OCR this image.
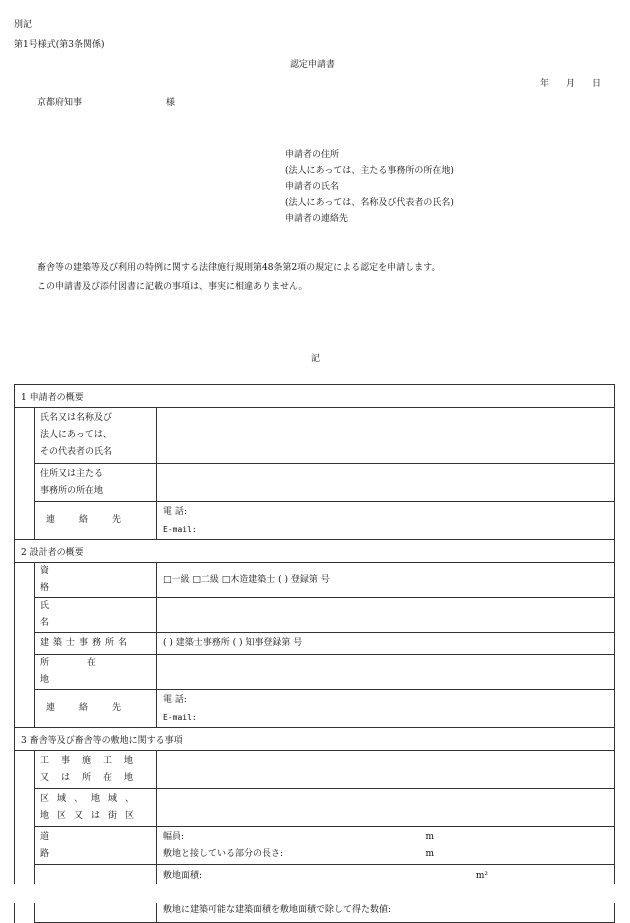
別記
第1号様式(第3条関係)
認定申請書
年 月 日
京都府知事	様
申請者の住所
(法人にあっては、主たる事務所の所在地)
申請者の氏名
(法人にあっては、名称及び代表者の氏名)
申請者の連絡先
畜舎等の建築等及び利用の特例に関する法律施行規則第48条第2項の規定による認定を申請します。
この申請書及び添付図書に記載の事項は、事実に相違ありません。
記
1 申請者の概要		

	氏名又は名称及び
法人にあっては、
その代表者の氏名	

	住所又は主たる
事務所の所在地	

	連絡先	電 話:
E-mail:

2 設計者の概要		

	資格	□一級 □二級 □木造建築士 ( ) 登録第 号

	氏名	

	建築士事務所名	( ) 建築士事務所 ( ) 知事登録第 号

	所在地	

	連絡先	電 話:
E-mail:

3 畜舎等及び畜舎等の敷地に関する事項		

	工事施工地
又は所在地	

	区域、地域、
地区又は街区	

	道路	幅員: m
敷地と接している部分の長さ: m

敷地面積: m²
敷地に建築可能な建築面積を敷地面積で除して得た数値:
